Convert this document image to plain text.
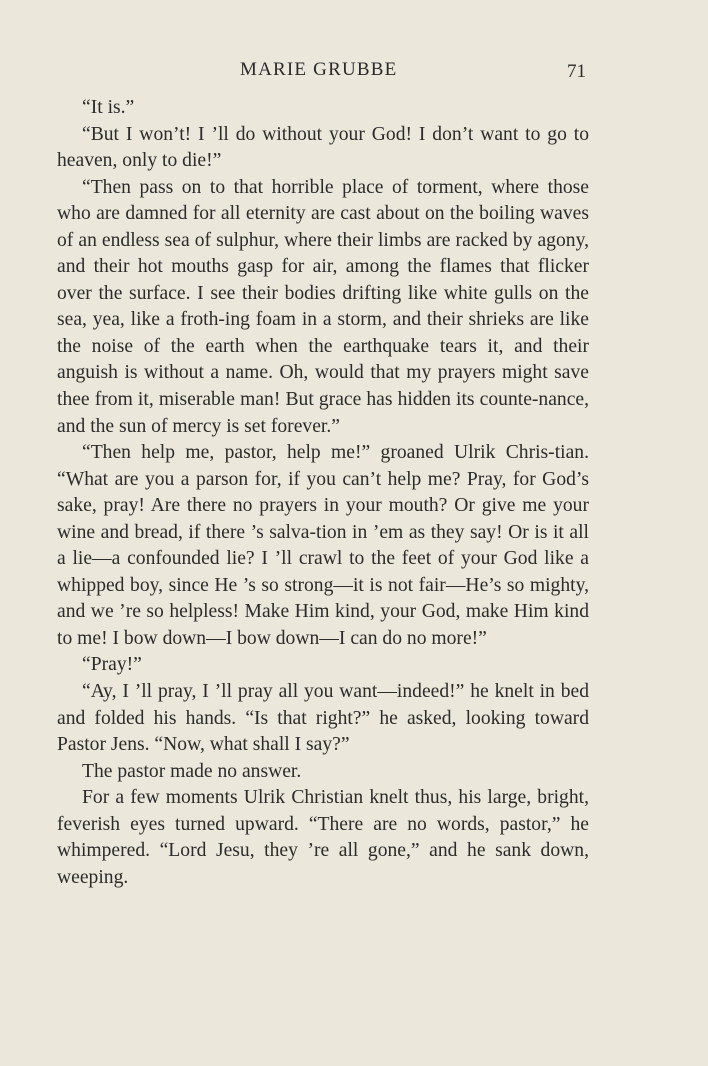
MARIE GRUBBE	71

“It is.”

“But I won’t! I ’ll do without your God! I don’t want to go to heaven, only to die!”

“Then pass on to that horrible place of torment, where those who are damned for all eternity are cast about on the boiling waves of an endless sea of sulphur, where their limbs are racked by agony, and their hot mouths gasp for air, among the flames that flicker over the surface. I see their bodies drifting like white gulls on the sea, yea, like a froth-ing foam in a storm, and their shrieks are like the noise of the earth when the earthquake tears it, and their anguish is without a name. Oh, would that my prayers might save thee from it, miserable man! But grace has hidden its counte-nance, and the sun of mercy is set forever.”

“Then help me, pastor, help me!” groaned Ulrik Chris-tian. “What are you a parson for, if you can’t help me? Pray, for God’s sake, pray! Are there no prayers in your mouth? Or give me your wine and bread, if there ’s salva-tion in ’em as they say! Or is it all a lie—a confounded lie? I ’ll crawl to the feet of your God like a whipped boy, since He ’s so strong—it is not fair—He’s so mighty, and we ’re so helpless! Make Him kind, your God, make Him kind to me! I bow down—I bow down—I can do no more!”

“Pray!”

“Ay, I ’ll pray, I ’ll pray all you want—indeed!” he knelt in bed and folded his hands. “Is that right?” he asked, looking toward Pastor Jens. “Now, what shall I say?”

The pastor made no answer.

For a few moments Ulrik Christian knelt thus, his large, bright, feverish eyes turned upward. “There are no words, pastor,” he whimpered. “Lord Jesu, they ’re all gone,” and he sank down, weeping.
